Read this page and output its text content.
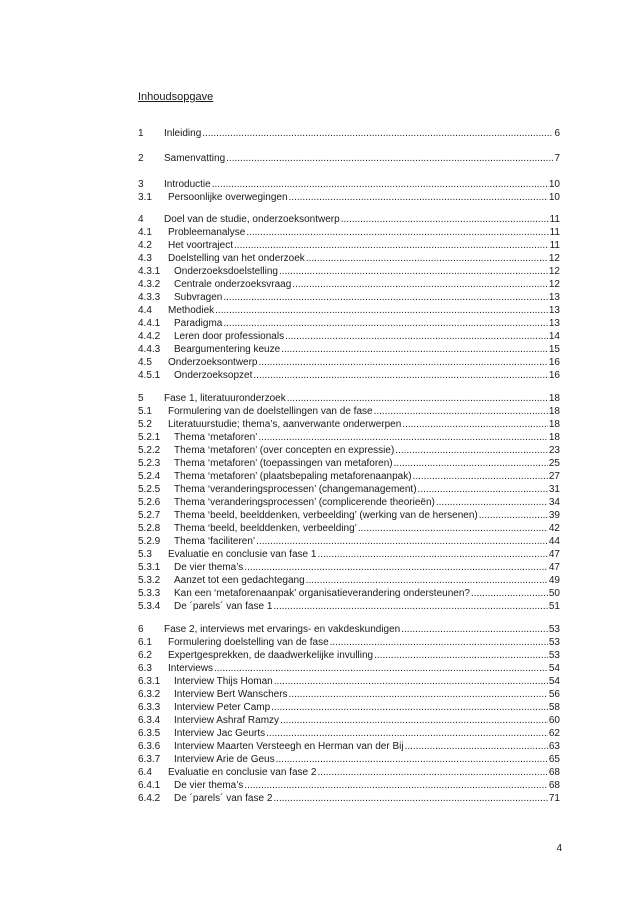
Inhoudsopgave
1	Inleiding .....	6
2	Samenvatting .....	7
3	Introductie .....	10
3.1	Persoonlijke overwegingen .....	10
4	Doel van de studie, onderzoeksontwerp .....	11
4.1	Probleemanalyse .....	11
4.2	Het voortraject .....	11
4.3	Doelstelling van het onderzoek .....	12
4.3.1	Onderzoeksdoelstelling .....	12
4.3.2	Centrale onderzoeksvraag .....	12
4.3.3	Subvragen .....	13
4.4	Methodiek .....	13
4.4.1	Paradigma .....	13
4.4.2	Leren door professionals .....	14
4.4.3	Beargumentering keuze .....	15
4.5	Onderzoeksontwerp .....	16
4.5.1	Onderzoeksopzet .....	16
5	Fase 1, literatuuronderzoek .....	18
5.1	Formulering van de doelstellingen van de fase .....	18
5.2	Literatuurstudie; thema’s, aanverwante onderwerpen .....	18
5.2.1	Thema ‘metaforen’ .....	18
5.2.2	Thema ‘metaforen’ (over concepten en expressie) .....	23
5.2.3	Thema ‘metaforen’ (toepassingen van metaforen) .....	25
5.2.4	Thema ‘metaforen’ (plaatsbepaling metaforenaanpak) .....	27
5.2.5	Thema ‘veranderingsprocessen’ (changemanagement) .....	31
5.2.6	Thema ‘veranderingsprocessen’ (complicerende theorieën) .....	34
5.2.7	Thema ‘beeld, beelddenken, verbeelding’ (werking van de hersenen) .....	39
5.2.8	Thema ‘beeld, beelddenken, verbeelding’ .....	42
5.2.9	Thema ‘faciliteren’ .....	44
5.3	Evaluatie en conclusie van fase 1 .....	47
5.3.1	De vier thema’s .....	47
5.3.2	Aanzet tot een gedachtegang .....	49
5.3.3	Kan een ‘metaforenaanpak’ organisatieverandering ondersteunen? .....	50
5.3.4	De ´parels´ van fase 1 .....	51
6	Fase 2, interviews met ervarings- en vakdeskundigen .....	53
6.1	Formulering doelstelling van de fase .....	53
6.2	Expertgesprekken, de daadwerkelijke invulling .....	53
6.3	Interviews .....	54
6.3.1	Interview Thijs Homan .....	54
6.3.2	Interview Bert Wanschers .....	56
6.3.3	Interview Peter Camp .....	58
6.3.4	Interview Ashraf Ramzy .....	60
6.3.5	Interview Jac Geurts .....	62
6.3.6	Interview Maarten Versteegh en Herman van der Bij .....	63
6.3.7	Interview Arie de Geus .....	65
6.4	Evaluatie en conclusie van fase 2 .....	68
6.4.1	De vier thema’s .....	68
6.4.2	De ´parels´ van fase 2 .....	71
4
